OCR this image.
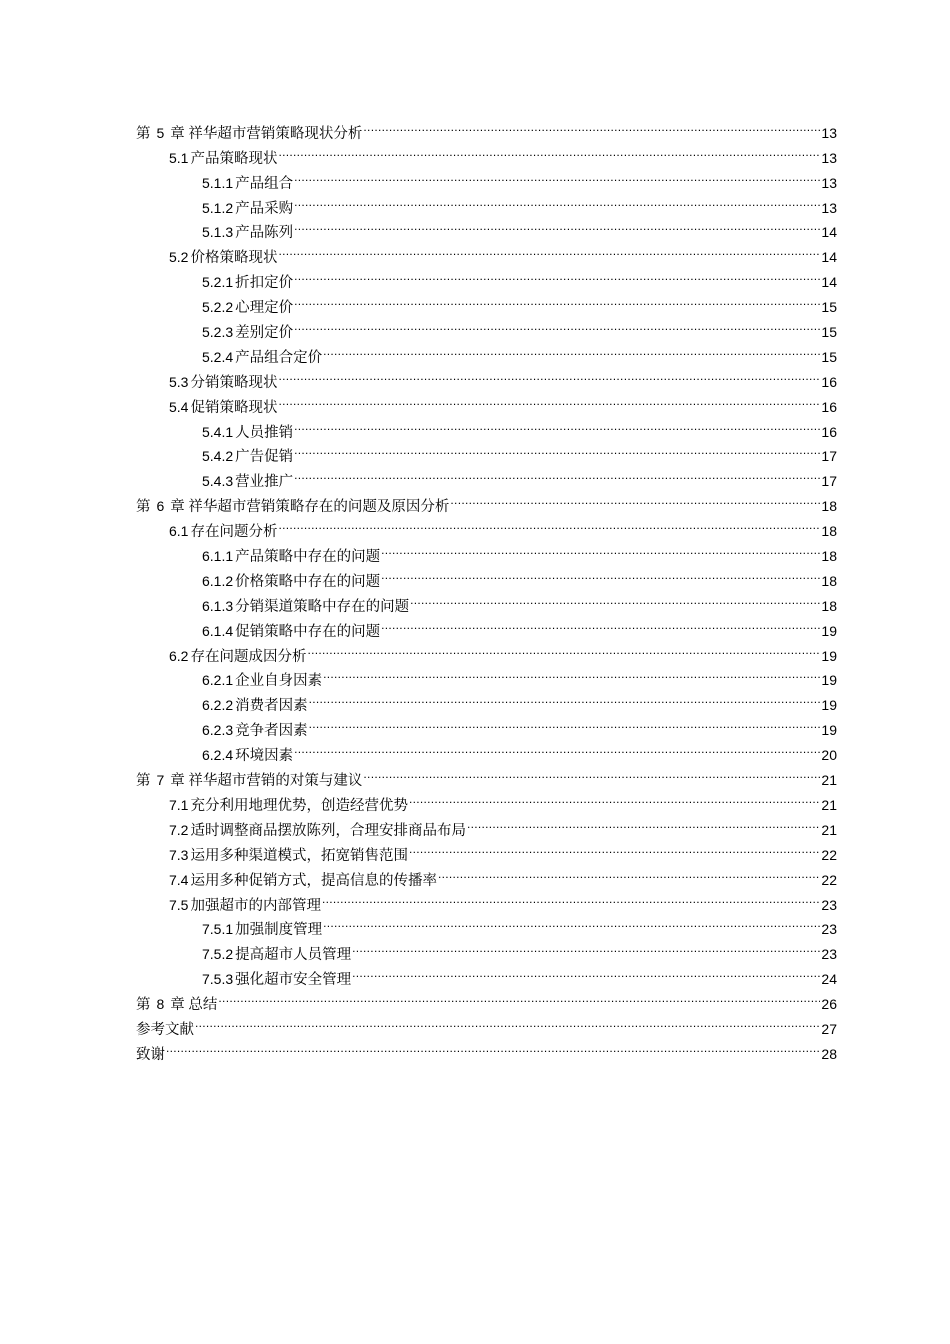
第 5 章 祥华超市营销策略现状分析 .....	13
5.1 产品策略现状 .....	13
5.1.1 产品组合 .....	13
5.1.2 产品采购 .....	13
5.1.3 产品陈列 .....	14
5.2 价格策略现状 .....	14
5.2.1 折扣定价 .....	14
5.2.2 心理定价 .....	15
5.2.3 差别定价 .....	15
5.2.4 产品组合定价 .....	15
5.3 分销策略现状 .....	16
5.4 促销策略现状 .....	16
5.4.1 人员推销 .....	16
5.4.2 广告促销 .....	17
5.4.3 营业推广 .....	17
第 6 章 祥华超市营销策略存在的问题及原因分析 .....	18
6.1 存在问题分析 .....	18
6.1.1 产品策略中存在的问题 .....	18
6.1.2 价格策略中存在的问题 .....	18
6.1.3 分销渠道策略中存在的问题 .....	18
6.1.4 促销策略中存在的问题 .....	19
6.2 存在问题成因分析 .....	19
6.2.1 企业自身因素 .....	19
6.2.2 消费者因素 .....	19
6.2.3 竞争者因素 .....	19
6.2.4 环境因素 .....	20
第 7 章 祥华超市营销的对策与建议 .....	21
7.1 充分利用地理优势，创造经营优势 .....	21
7.2 适时调整商品摆放陈列，合理安排商品布局 .....	21
7.3 运用多种渠道模式，拓宽销售范围 .....	22
7.4 运用多种促销方式，提高信息的传播率 .....	22
7.5 加强超市的内部管理 .....	23
7.5.1 加强制度管理 .....	23
7.5.2 提高超市人员管理 .....	23
7.5.3 强化超市安全管理 .....	24
第 8 章 总结 .....	26
参考文献 .....	27
致谢 .....	28
